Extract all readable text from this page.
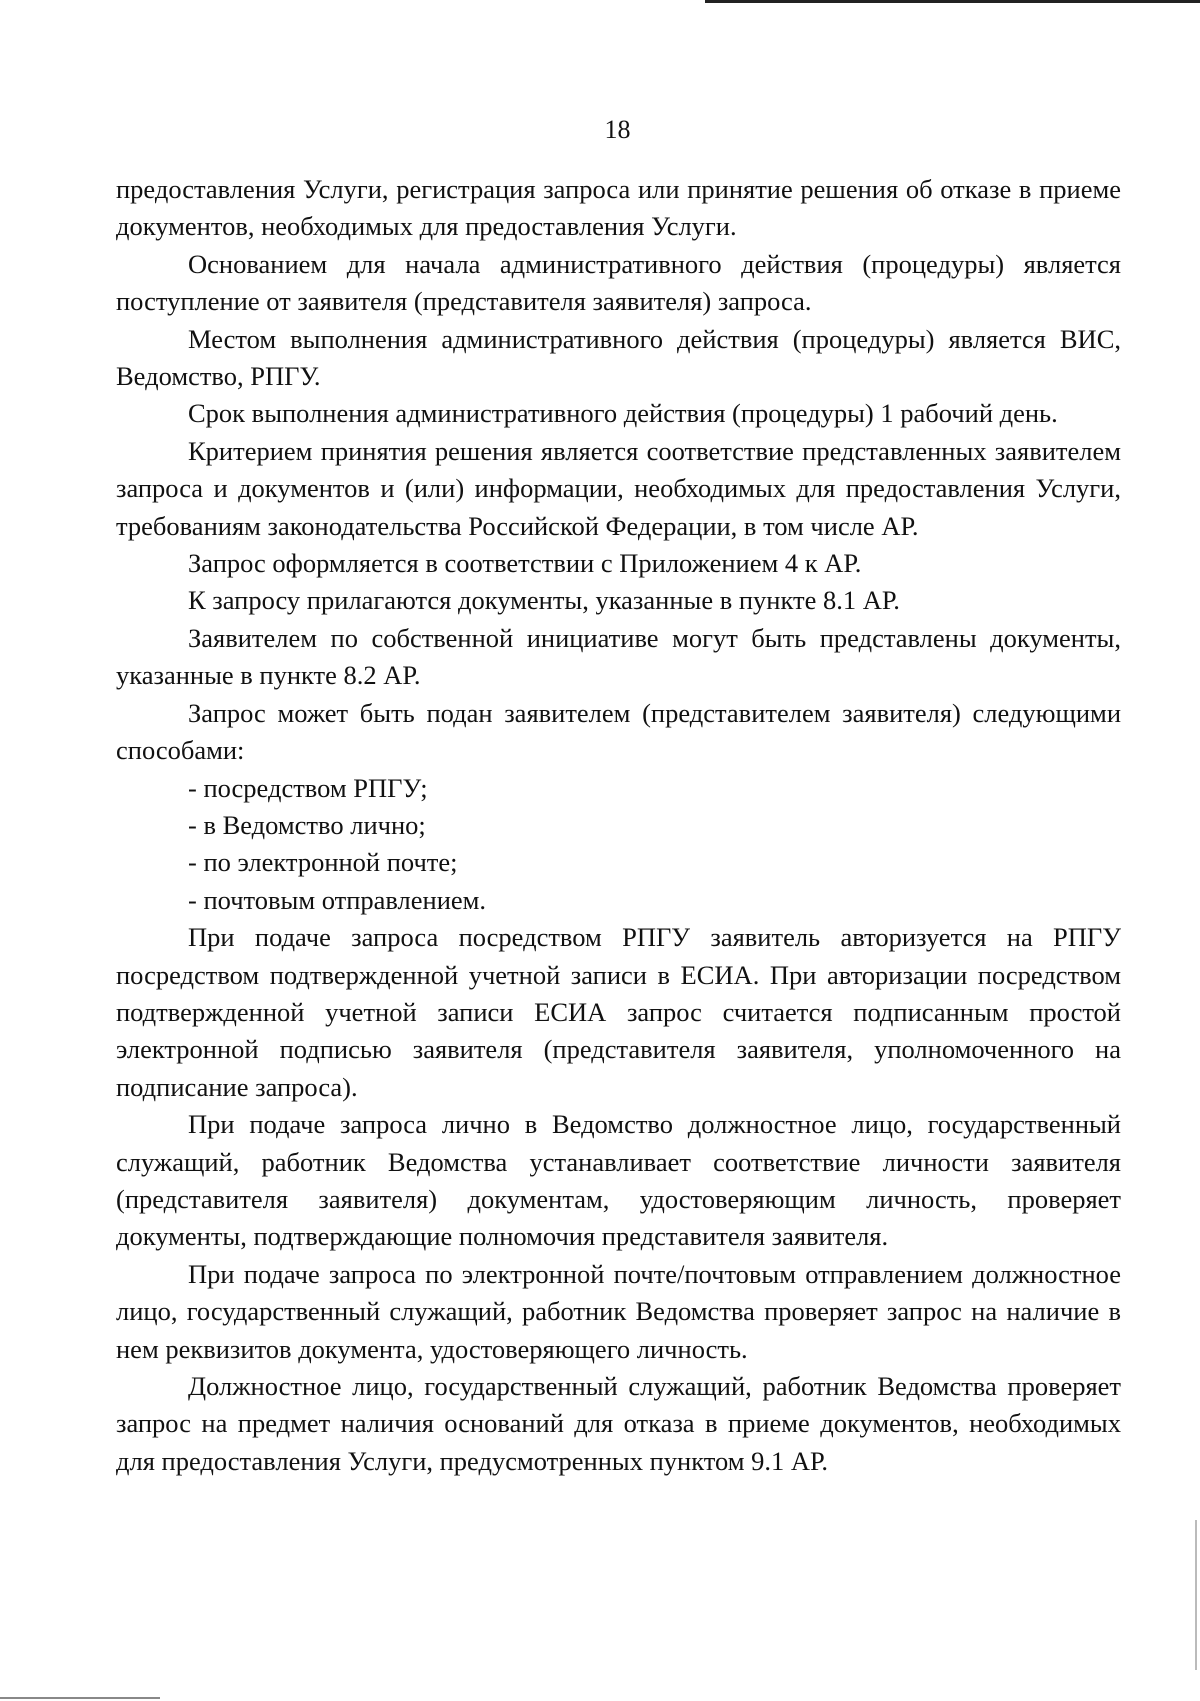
18

предоставления Услуги, регистрация запроса или принятие решения об отказе в приеме документов, необходимых для предоставления Услуги.

Основанием для начала административного действия (процедуры) является поступление от заявителя (представителя заявителя) запроса.

Местом выполнения административного действия (процедуры) является ВИС, Ведомство, РПГУ.

Срок выполнения административного действия (процедуры) 1 рабочий день.

Критерием принятия решения является соответствие представленных заявителем запроса и документов и (или) информации, необходимых для предоставления Услуги, требованиям законодательства Российской Федерации, в том числе АР.

Запрос оформляется в соответствии с Приложением 4 к АР.

К запросу прилагаются документы, указанные в пункте 8.1 АР.

Заявителем по собственной инициативе могут быть представлены документы, указанные в пункте 8.2 АР.

Запрос может быть подан заявителем (представителем заявителя) следующими способами:

- посредством РПГУ;

- в Ведомство лично;

- по электронной почте;

- почтовым отправлением.

При подаче запроса посредством РПГУ заявитель авторизуется на РПГУ посредством подтвержденной учетной записи в ЕСИА. При авторизации посредством подтвержденной учетной записи ЕСИА запрос считается подписанным простой электронной подписью заявителя (представителя заявителя, уполномоченного на подписание запроса).

При подаче запроса лично в Ведомство должностное лицо, государственный служащий, работник Ведомства устанавливает соответствие личности заявителя (представителя заявителя) документам, удостоверяющим личность, проверяет документы, подтверждающие полномочия представителя заявителя.

При подаче запроса по электронной почте/почтовым отправлением должностное лицо, государственный служащий, работник Ведомства проверяет запрос на наличие в нем реквизитов документа, удостоверяющего личность.

Должностное лицо, государственный служащий, работник Ведомства проверяет запрос на предмет наличия оснований для отказа в приеме документов, необходимых для предоставления Услуги, предусмотренных пунктом 9.1 АР.
